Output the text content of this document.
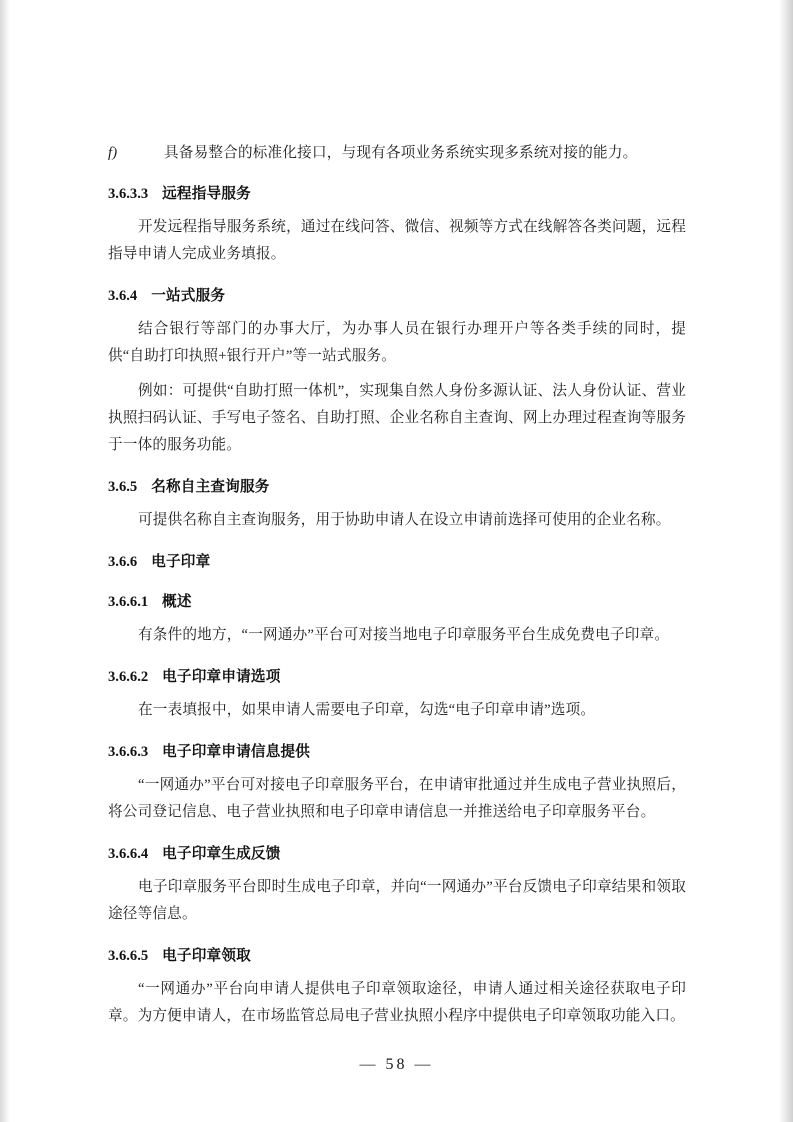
f)	具备易整合的标准化接口，与现有各项业务系统实现多系统对接的能力。

3.6.3.3 远程指导服务

开发远程指导服务系统，通过在线问答、微信、视频等方式在线解答各类问题，远程指导申请人完成业务填报。

3.6.4 一站式服务

结合银行等部门的办事大厅，为办事人员在银行办理开户等各类手续的同时，提供“自助打印执照+银行开户”等一站式服务。

例如：可提供“自助打照一体机”，实现集自然人身份多源认证、法人身份认证、营业执照扫码认证、手写电子签名、自助打照、企业名称自主查询、网上办理过程查询等服务于一体的服务功能。

3.6.5 名称自主查询服务

可提供名称自主查询服务，用于协助申请人在设立申请前选择可使用的企业名称。

3.6.6 电子印章
3.6.6.1 概述

有条件的地方，“一网通办”平台可对接当地电子印章服务平台生成免费电子印章。

3.6.6.2 电子印章申请选项

在一表填报中，如果申请人需要电子印章，勾选“电子印章申请”选项。

3.6.6.3 电子印章申请信息提供

“一网通办”平台可对接电子印章服务平台，在申请审批通过并生成电子营业执照后，将公司登记信息、电子营业执照和电子印章申请信息一并推送给电子印章服务平台。

3.6.6.4 电子印章生成反馈

电子印章服务平台即时生成电子印章，并向“一网通办”平台反馈电子印章结果和领取途径等信息。

3.6.6.5 电子印章领取

“一网通办”平台向申请人提供电子印章领取途径，申请人通过相关途径获取电子印章。为方便申请人，在市场监管总局电子营业执照小程序中提供电子印章领取功能入口。

— 58 —
